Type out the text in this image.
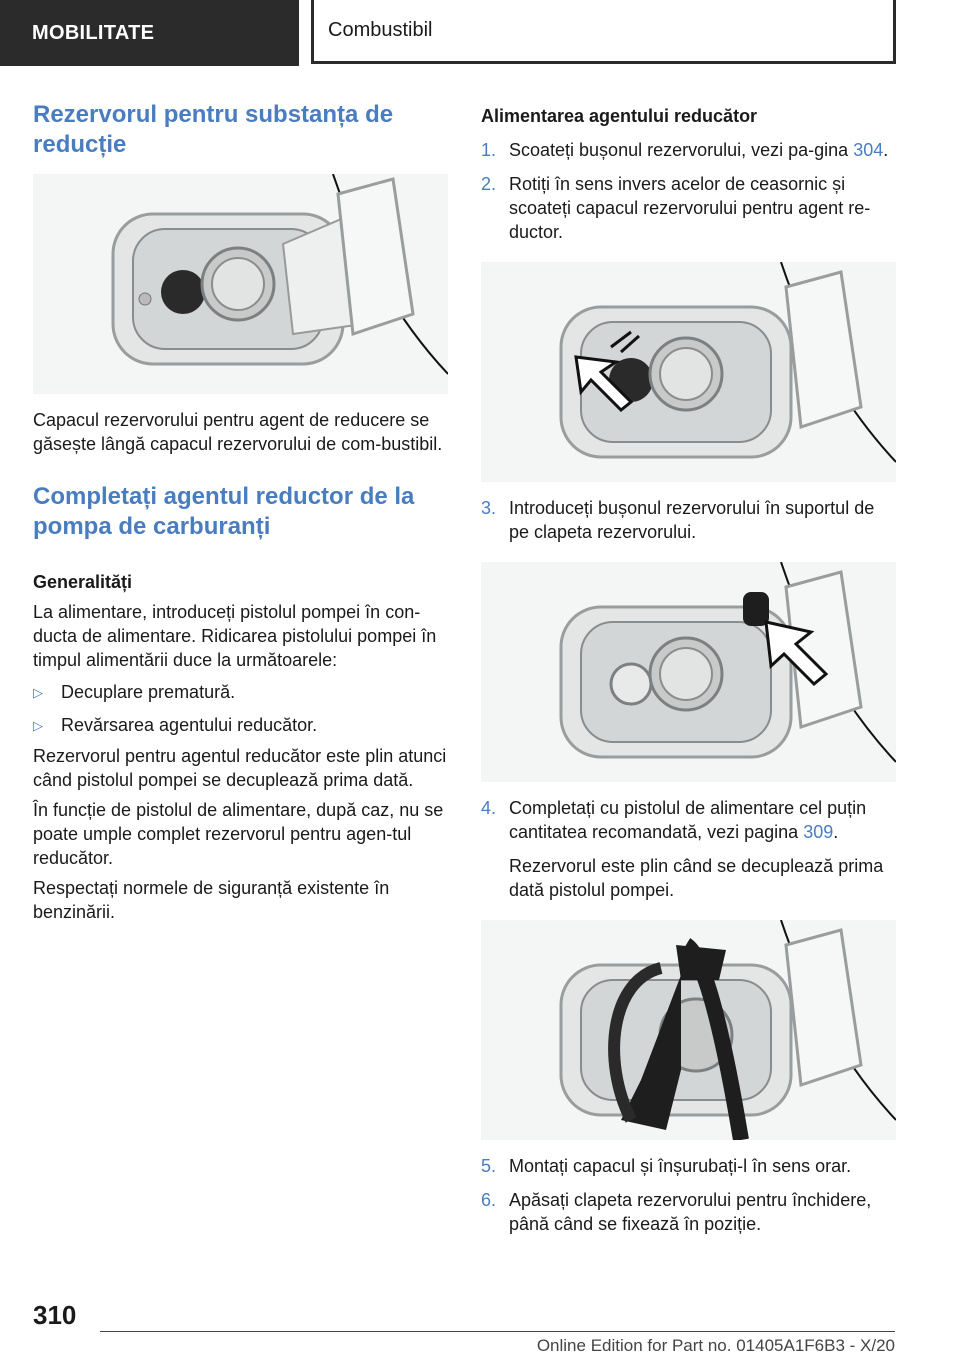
MOBILITATE	Combustibil
Rezervorul pentru substanța de reducție

Capacul rezervorului pentru agent de reducere se găsește lângă capacul rezervorului de com-bustibil.

Completați agentul reductor de la pompa de carburanți
Generalități

La alimentare, introduceți pistolul pompei în con-ducta de alimentare. Ridicarea pistolului pompei în timpul alimentării duce la următoarele:

▷	Decuplare prematură.
▷	Revărsarea agentului reducător.

Rezervorul pentru agentul reducător este plin atunci când pistolul pompei se decuplează prima dată.

În funcție de pistolul de alimentare, după caz, nu se poate umple complet rezervorul pentru agen-tul reducător.

Respectați normele de siguranță existente în benzinării.

Alimentarea agentului reducător
1. Scoateți bușonul rezervorului, vezi pa-gina 304.
2. Rotiți în sens invers acelor de ceasornic și scoateți capacul rezervorului pentru agent re-ductor.
3. Introduceți bușonul rezervorului în suportul de pe clapeta rezervorului.
4. Completați cu pistolul de alimentare cel puțin cantitatea recomandată, vezi pagina 309.

Rezervorul este plin când se decuplează prima dată pistolul pompei.

5. Montați capacul și înșurubați-l în sens orar.
6. Apăsați clapeta rezervorului pentru închidere, până când se fixează în poziție.
310
Online Edition for Part no. 01405A1F6B3 - X/20
